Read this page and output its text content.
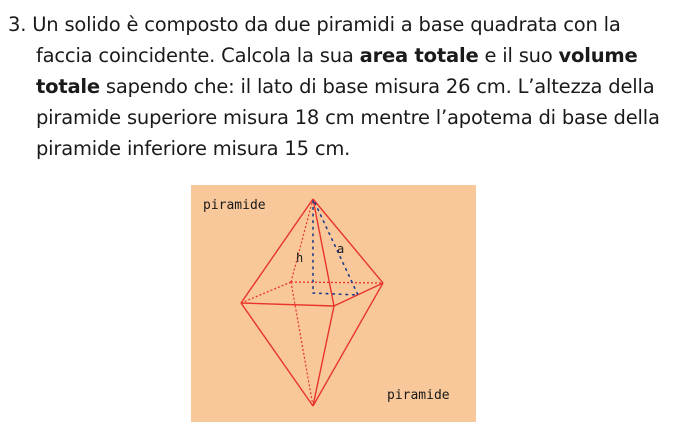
3. Un solido è composto da due piramidi a base quadrata con la
faccia coincidente. Calcola la sua area totale e il suo volume
totale sapendo che: il lato di base misura 26 cm. L’altezza della
piramide superiore misura 18 cm mentre l’apotema di base della
piramide inferiore misura 15 cm.
piramide
h
a
piramide
